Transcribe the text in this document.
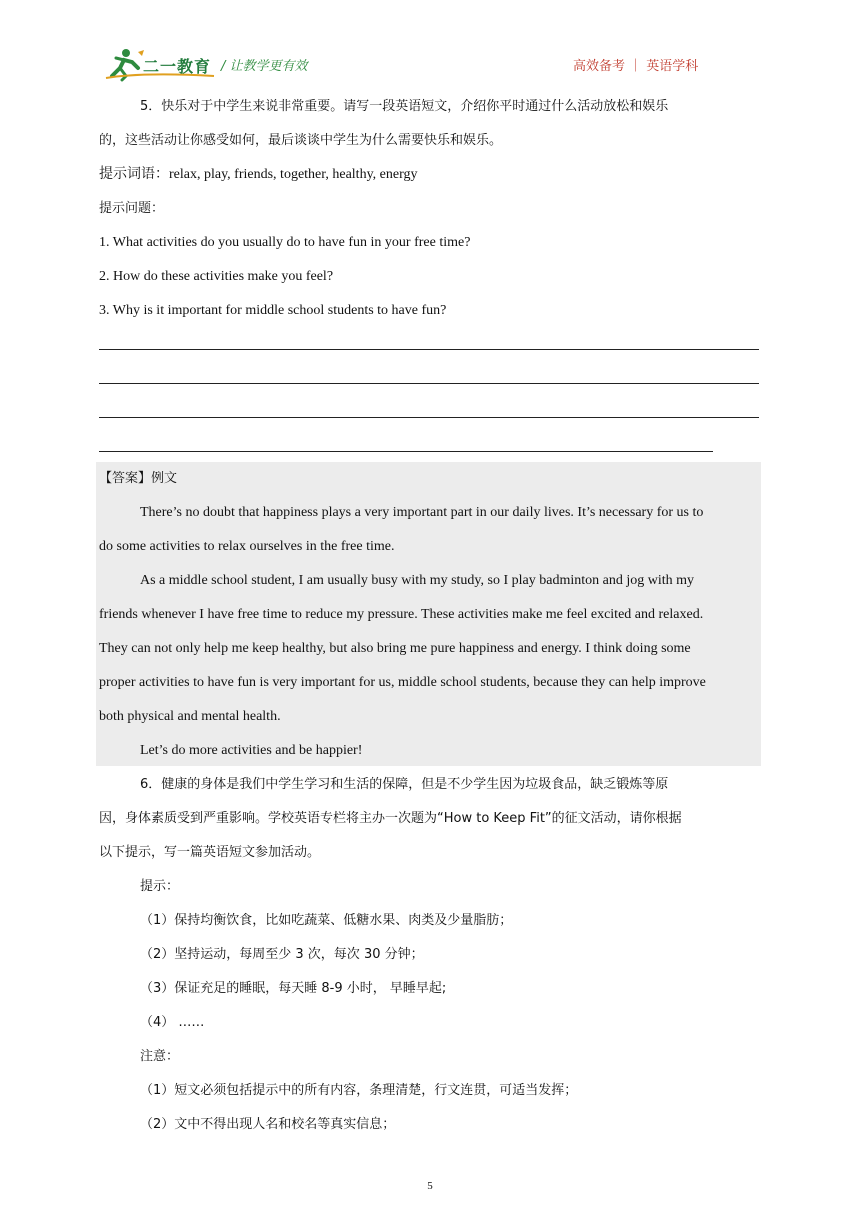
二一教育 / 让教学更有效	高效备考 ｜ 英语学科
5．快乐对于中学生来说非常重要。请写一段英语短文，介绍你平时通过什么活动放松和娱乐
的，这些活动让你感受如何，最后谈谈中学生为什么需要快乐和娱乐。
提示词语：relax, play, friends, together, healthy, energy
提示问题：
1. What activities do you usually do to have fun in your free time?
2. How do these activities make you feel?
3. Why is it important for middle school students to have fun?
【答案】例文
There’s no doubt that happiness plays a very important part in our daily lives. It’s necessary for us to
do some activities to relax ourselves in the free time.
As a middle school student, I am usually busy with my study, so I play badminton and jog with my
friends whenever I have free time to reduce my pressure. These activities make me feel excited and relaxed.
They can not only help me keep healthy, but also bring me pure happiness and energy. I think doing some
proper activities to have fun is very important for us, middle school students, because they can help improve
both physical and mental health.
Let’s do more activities and be happier!
6．健康的身体是我们中学生学习和生活的保障，但是不少学生因为垃圾食品，缺乏锻炼等原
因，身体素质受到严重影响。学校英语专栏将主办一次题为“How to Keep Fit”的征文活动，请你根据
以下提示，写一篇英语短文参加活动。
提示：
（1）保持均衡饮食，比如吃蔬菜、低糖水果、肉类及少量脂肪；
（2）坚持运动，每周至少 3 次，每次 30 分钟；
（3）保证充足的睡眠，每天睡 8-9 小时， 早睡早起;
（4） ……
注意：
（1）短文必须包括提示中的所有内容，条理清楚，行文连贯，可适当发挥；
（2）文中不得出现人名和校名等真实信息；
5
